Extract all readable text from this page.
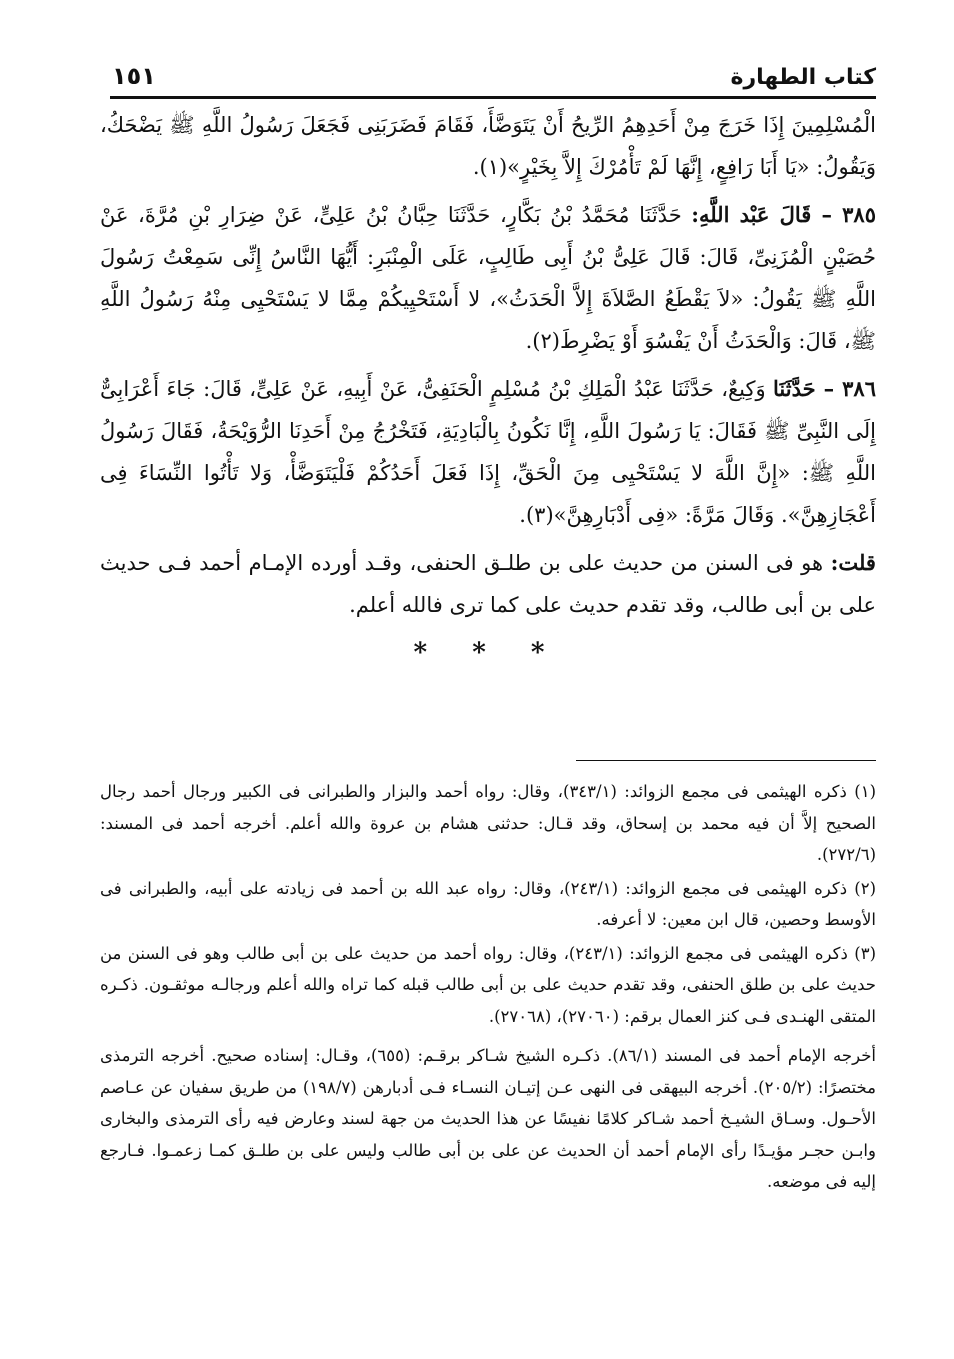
كتاب الطهارة
١٥١

الْمُسْلِمِينَ إِذَا خَرَجَ مِنْ أَحَدِهِمُ الرِّيحُ أَنْ يَتَوَضَّأَ، فَقَامَ فَضَرَبَنِى فَجَعَلَ رَسُولُ اللَّهِ ﷺ يَضْحَكُ، وَيَقُولُ: «يَا أَبَا رَافِعٍ، إِنَّهَا لَمْ تَأْمُرْكَ إِلاَّ بِخَيْرٍ»(١).

٣٨٥ – قَالَ عَبْد اللَّهِ: حَدَّثَنَا مُحَمَّدُ بْنُ بَكَّارٍ، حَدَّثَنَا حِبَّانُ بْنُ عَلِىٍّ، عَنْ ضِرَارِ بْنِ مُرَّةَ، عَنْ حُصَيْنٍ الْمُزَنِىِّ، قَالَ: قَالَ عَلِىُّ بْنُ أَبِى طَالِبٍ، عَلَى الْمِنْبَرِ: أَيُّهَا النَّاسُ إِنِّى سَمِعْتُ رَسُولَ اللَّهِ ﷺ يَقُولُ: «لاَ يَقْطَعُ الصَّلاَةَ إِلاَّ الْحَدَثُ»، لا أَسْتَحْيِيكُمْ مِمَّا لا يَسْتَحْيِى مِنْهُ رَسُولُ اللَّهِ ﷺ، قَالَ: وَالْحَدَثُ أَنْ يَفْسُوَ أَوْ يَضْرِطَ(٢).

٣٨٦ – حَدَّثَنَا وَكِيعٌ، حَدَّثَنَا عَبْدُ الْمَلِكِ بْنُ مُسْلِمٍ الْحَنَفِىُّ، عَنْ أَبِيهِ، عَنْ عَلِىٍّ، قَالَ: جَاءَ أَعْرَابِىٌّ إِلَى النَّبِىِّ ﷺ فَقَالَ: يَا رَسُولَ اللَّهِ، إِنَّا نَكُونُ بِالْبَادِيَةِ، فَتَخْرُجُ مِنْ أَحَدِنَا الرُّوَيْحَةُ، فَقَالَ رَسُولُ اللَّهِ ﷺ: «إِنَّ اللَّهَ لا يَسْتَحْيِى مِنَ الْحَقِّ، إِذَا فَعَلَ أَحَدُكُمْ فَلْيَتَوَضَّأْ، وَلا تَأْتُوا النِّسَاءَ فِى أَعْجَازِهِنَّ». وَقَالَ مَرَّةً: «فِى أَدْبَارِهِنَّ»(٣).

قلت: هو فى السنن من حديث على بن طلـق الحنفى، وقـد أورده الإمـام أحمد فـى حديث على بن أبى طالب، وقد تقدم حديث على كما ترى فالله أعلم.

* * *

(١) ذكره الهيثمى فى مجمع الزوائد: (٣٤٣/١)، وقال: رواه أحمد والبزار والطبرانى فى الكبير ورجال أحمد رجال الصحيح إلاَّ أن فيه محمد بن إسحاق، وقد قـال: حدثنى هشام بن عروة والله أعلم. أخرجه أحمد فى المسند: (٢٧٢/٦).

(٢) ذكره الهيثمى فى مجمع الزوائد: (٢٤٣/١)، وقال: رواه عبد الله بن أحمد فى زيادته على أبيه، والطبرانى فى الأوسط وحصين، قال ابن معين: لا أعرفه.

(٣) ذكره الهيثمى فى مجمع الزوائد: (٢٤٣/١)، وقال: رواه أحمد من حديث على بن أبى طالب وهو فى السنن من حديث على بن طلق الحنفى، وقد تقدم حديث على بن أبى طالب قبله كما تراه والله أعلم ورجالـه موثقـون. ذكـره المتقى الهنـدى فـى كنز العمال برقم: (٢٧٠٦٠)، (٢٧٠٦٨).

أخرجه الإمام أحمد فى المسند (٨٦/١). ذكـره الشيخ شـاكر برقـم: (٦٥٥)، وقـال: إسناده صحيح. أخرجه الترمذى مختصرًا: (٢٠٥/٢). أخرجه البيهقى فى النهى عـن إتيـان النسـاء فـى أدبارهن (١٩٨/٧) من طريق سفيان عن عـاصم الأحـول. وسـاق الشيـخ أحمد شـاكر كلامًا نفيسًا عن هذا الحديث من جهة لسند وعارض فيه رأى الترمذى والبخارى وابـن حجـر مؤيـدًا رأى الإمام أحمد أن الحديث عن على بن أبى طالب وليس على بن طلـق كمـا زعمـوا. فـارجع إليه فى موضعه.
